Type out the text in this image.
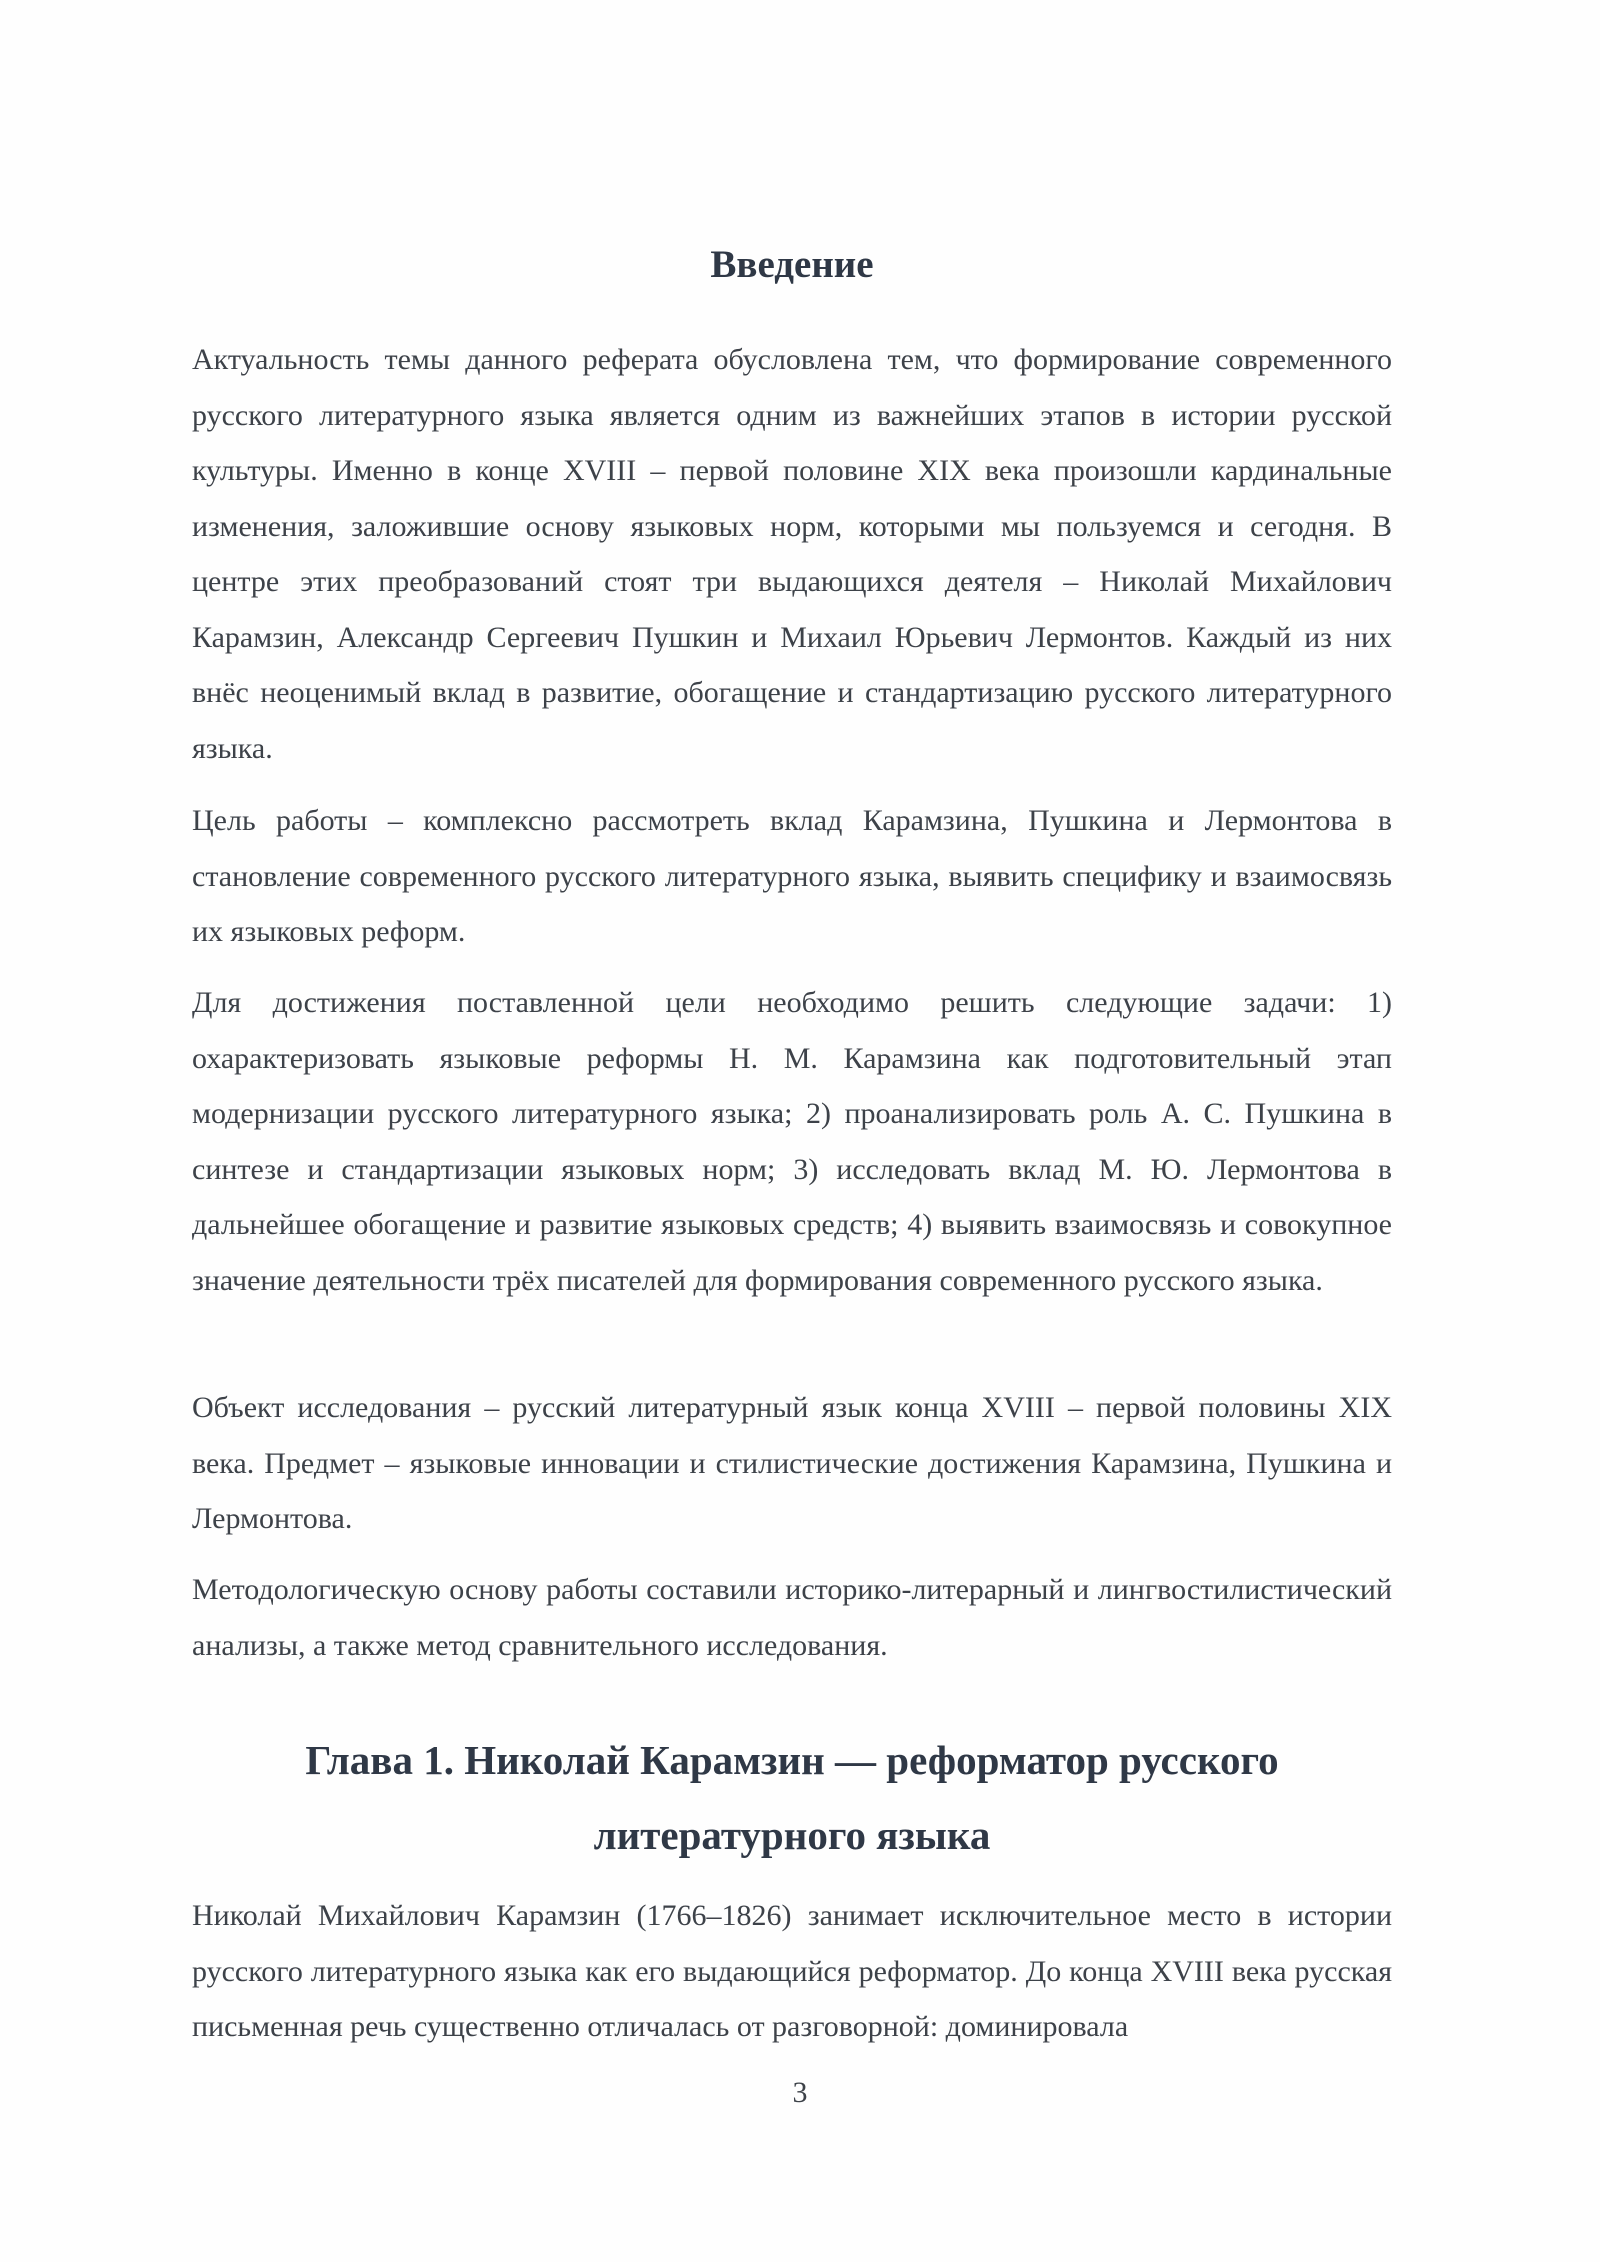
Введение

Актуальность темы данного реферата обусловлена тем, что формирование современного русского литературного языка является одним из важнейших этапов в истории русской культуры. Именно в конце XVIII – первой половине XIX века произошли кардинальные изменения, заложившие основу языковых норм, которыми мы пользуемся и сегодня. В центре этих преобразований стоят три выдающихся деятеля – Николай Михайлович Карамзин, Александр Сергеевич Пушкин и Михаил Юрьевич Лермонтов. Каждый из них внёс неоценимый вклад в развитие, обогащение и стандартизацию русского литературного языка.

Цель работы – комплексно рассмотреть вклад Карамзина, Пушкина и Лермонтова в становление современного русского литературного языка, выявить специфику и взаимосвязь их языковых реформ.

Для достижения поставленной цели необходимо решить следующие задачи: 1) охарактеризовать языковые реформы Н. М. Карамзина как подготовительный этап модернизации русского литературного языка; 2) проанализировать роль А. С. Пушкина в синтезе и стандартизации языковых норм; 3) исследовать вклад М. Ю. Лермонтова в дальнейшее обогащение и развитие языковых средств; 4) выявить взаимосвязь и совокупное значение деятельности трёх писателей для формирования современного русского языка.

Объект исследования – русский литературный язык конца XVIII – первой половины XIX века. Предмет – языковые инновации и стилистические достижения Карамзина, Пушкина и Лермонтова.

Методологическую основу работы составили историко-литерарный и лингвостилистический анализы, а также метод сравнительного исследования.

Глава 1. Николай Карамзин — реформатор русского литературного языка

Николай Михайлович Карамзин (1766–1826) занимает исключительное место в истории русского литературного языка как его выдающийся реформатор. До конца XVIII века русская письменная речь существенно отличалась от разговорной: доминировала

3
